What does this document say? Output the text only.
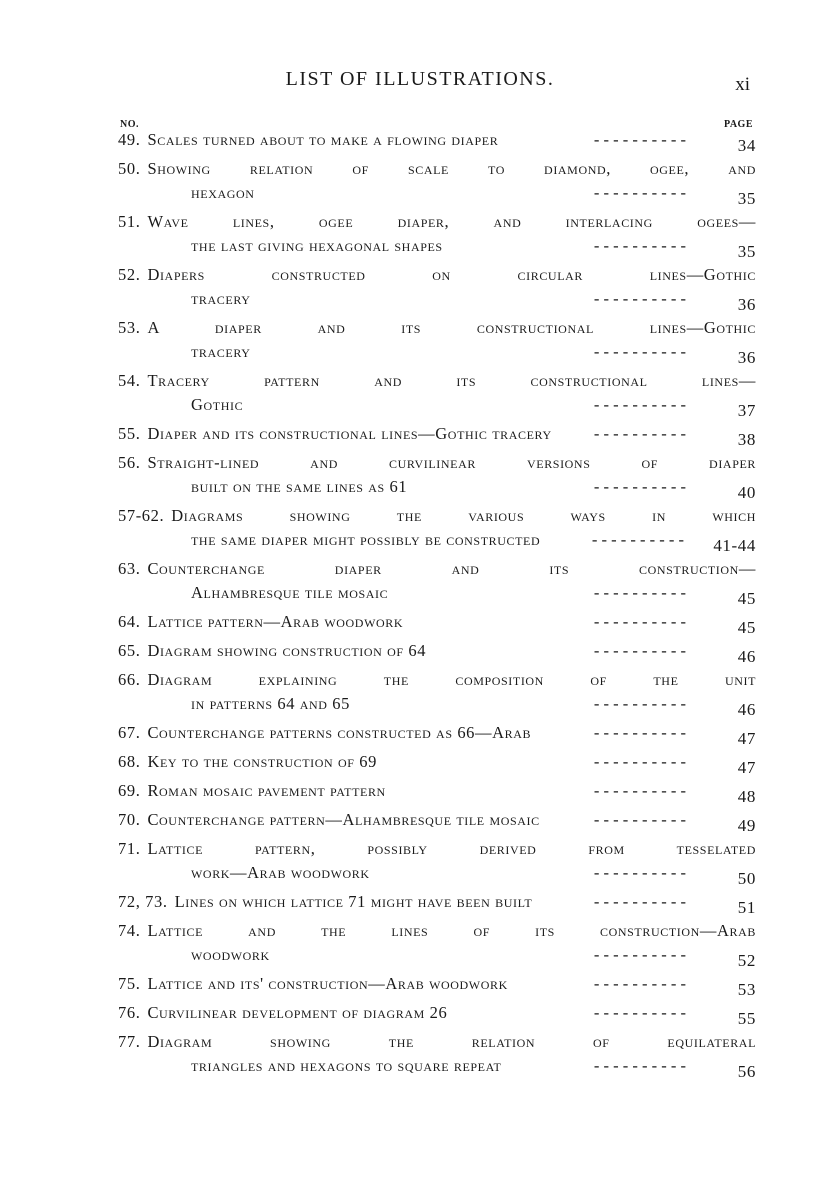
LIST OF ILLUSTRATIONS.	xi
NO.	PAGE
49. Scales turned about to make a flowing diaper	- - - - - - - - - -	34
50. Showing relation of scale to diamond, ogee, and
hexagon	- - - - - - - - - -	35
51. Wave lines, ogee diaper, and interlacing ogees—
the last giving hexagonal shapes	- - - - - - - - - -	35
52. Diapers constructed on circular lines—Gothic
tracery	- - - - - - - - - -	36
53. A diaper and its constructional lines—Gothic
tracery	- - - - - - - - - -	36
54. Tracery pattern and its constructional lines—
Gothic	- - - - - - - - - -	37
55. Diaper and its constructional lines—Gothic tracery	- - - - - - - - - -	38
56. Straight-lined and curvilinear versions of diaper
built on the same lines as 61	- - - - - - - - - -	40
57-62. Diagrams showing the various ways in which
the same diaper might possibly be constructed	- - - - - - - - - -	41-44
63. Counterchange diaper and its construction—
Alhambresque tile mosaic	- - - - - - - - - -	45
64. Lattice pattern—Arab woodwork	- - - - - - - - - -	45
65. Diagram showing construction of 64	- - - - - - - - - -	46
66. Diagram explaining the composition of the unit
in patterns 64 and 65	- - - - - - - - - -	46
67. Counterchange patterns constructed as 66—Arab	- - - - - - - - - -	47
68. Key to the construction of 69	- - - - - - - - - -	47
69. Roman mosaic pavement pattern	- - - - - - - - - -	48
70. Counterchange pattern—Alhambresque tile mosaic	- - - - - - - - - -	49
71. Lattice pattern, possibly derived from tesselated
work—Arab woodwork	- - - - - - - - - -	50
72, 73. Lines on which lattice 71 might have been built	- - - - - - - - - -	51
74. Lattice and the lines of its construction—Arab
woodwork	- - - - - - - - - -	52
75. Lattice and its' construction—Arab woodwork	- - - - - - - - - -	53
76. Curvilinear development of diagram 26	- - - - - - - - - -	55
77. Diagram showing the relation of equilateral
triangles and hexagons to square repeat	- - - - - - - - - -	56
